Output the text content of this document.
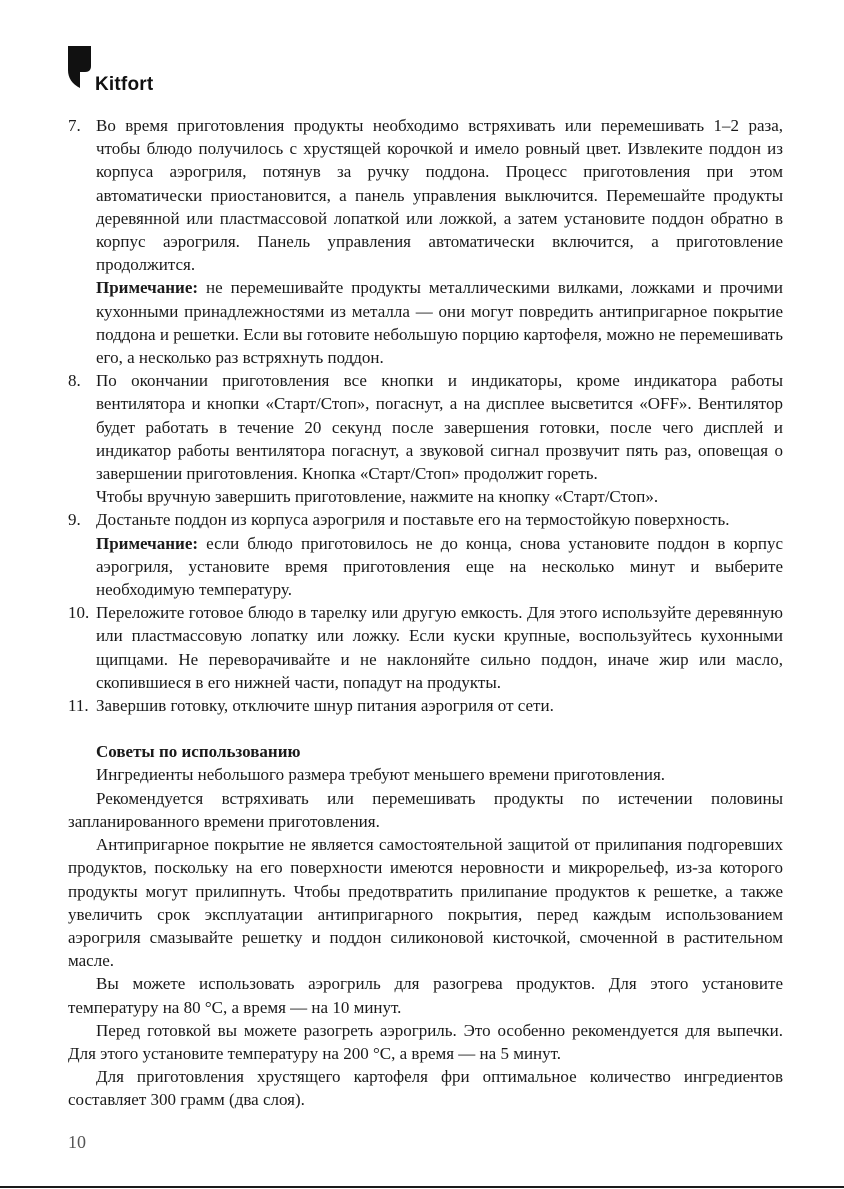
Kitfort
7. Во время приготовления продукты необходимо встряхивать или перемешивать 1–2 раза, чтобы блюдо получилось с хрустящей корочкой и имело ровный цвет. Извлеките поддон из корпуса аэрогриля, потянув за ручку поддона. Процесс приготовления при этом автоматически приостановится, а панель управления выключится. Перемешайте продукты деревянной или пластмассовой лопаткой или ложкой, а затем установите поддон обратно в корпус аэрогриля. Панель управления автоматически включится, а приготовление продолжится.

Примечание: не перемешивайте продукты металлическими вилками, ложками и прочими кухонными принадлежностями из металла — они могут повредить антипригарное покрытие поддона и решетки. Если вы готовите небольшую порцию картофеля, можно не перемешивать его, а несколько раз встряхнуть поддон.

8. По окончании приготовления все кнопки и индикаторы, кроме индикатора работы вентилятора и кнопки «Старт/Стоп», погаснут, а на дисплее высветится «OFF». Вентилятор будет работать в течение 20 секунд после завершения готовки, после чего дисплей и индикатор работы вентилятора погаснут, а звуковой сигнал прозвучит пять раз, оповещая о завершении приготовления. Кнопка «Старт/Стоп» продолжит гореть.

Чтобы вручную завершить приготовление, нажмите на кнопку «Старт/Стоп».

9. Достаньте поддон из корпуса аэрогриля и поставьте его на термостойкую поверхность.

Примечание: если блюдо приготовилось не до конца, снова установите поддон в корпус аэрогриля, установите время приготовления еще на несколько минут и выберите необходимую температуру.

10. Переложите готовое блюдо в тарелку или другую емкость. Для этого используйте деревянную или пластмассовую лопатку или ложку. Если куски крупные, воспользуйтесь кухонными щипцами. Не переворачивайте и не наклоняйте сильно поддон, иначе жир или масло, скопившиеся в его нижней части, попадут на продукты.

11. Завершив готовку, отключите шнур питания аэрогриля от сети.

Советы по использованию

Ингредиенты небольшого размера требуют меньшего времени приготовления.

Рекомендуется встряхивать или перемешивать продукты по истечении половины запланированного времени приготовления.

Антипригарное покрытие не является самостоятельной защитой от прилипания подгоревших продуктов, поскольку на его поверхности имеются неровности и микрорельеф, из-за которого продукты могут прилипнуть. Чтобы предотвратить прилипание продуктов к решетке, а также увеличить срок эксплуатации антипригарного покрытия, перед каждым использованием аэрогриля смазывайте решетку и поддон силиконовой кисточкой, смоченной в растительном масле.

Вы можете использовать аэрогриль для разогрева продуктов. Для этого установите температуру на 80 °C, а время — на 10 минут.

Перед готовкой вы можете разогреть аэрогриль. Это особенно рекомендуется для выпечки. Для этого установите температуру на 200 °C, а время — на 5 минут.

Для приготовления хрустящего картофеля фри оптимальное количество ингредиентов составляет 300 грамм (два слоя).

10
